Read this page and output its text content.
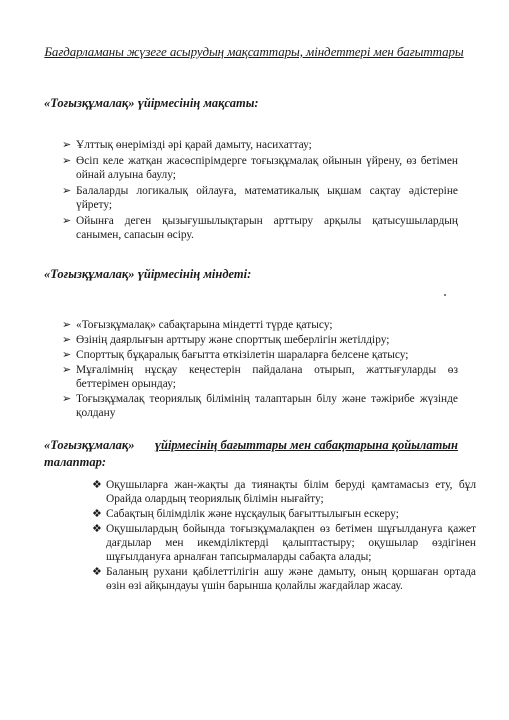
Бағдарламаны жүзеге асырудың мақсаттары, міндеттері мен бағыттары
«Тоғызқұмалақ» үйірмесінің мақсаты:
➢ Ұлттық өнерімізді әрі қарай дамыту, насихаттау;
➢ Өсіп келе жатқан жасөспірімдерге тоғызқұмалақ ойынын үйрену, өз бетімен ойнай алуына баулу;
➢ Балаларды логикалық ойлауға, математикалық ықшам сақтау әдістеріне үйрету;
➢ Ойынға деген қызығушылықтарын арттыру арқылы қатысушылардың санымен, сапасын өсіру.
«Тоғызқұмалақ» үйірмесінің міндеті:
➢ «Тоғызқұмалақ» сабақтарына міндетті түрде қатысу;
➢ Өзінің даярлығын арттыру және спорттық шеберлігін жетілдіру;
➢ Спорттық бұқаралық бағытта өткізілетін шараларға белсене қатысу;
➢ Мұғалімнің нұсқау кеңестерін пайдалана отырып, жаттығуларды өз беттерімен орындау;
➢ Тоғызқұмалақ теориялық білімінің талаптарын білу және тәжірибе жүзінде қолдану
«Тоғызқұмалақ» үйірмесінің бағыттары мен сабақтарына қойылатын
талаптар:
❖ Оқушыларға жан-жақты да тиянақты білім беруді қамтамасыз ету, бұл Орайда олардың теориялық білімін нығайту;
❖ Сабақтың білімділік және нұсқаулық бағыттылығын ескеру;
❖ Оқушылардың бойында тоғызқұмалақпен өз бетімен шұғылдануға қажет дағдылар мен икемділіктерді қалыптастыру; оқушылар өздігінен шұғылдануға арналған тапсырмаларды сабақта алады;
❖ Баланың рухани қабілеттілігін ашу және дамыту, оның қоршаған ортада өзін өзі айқындауы үшін барынша қолайлы жағдайлар жасау.
